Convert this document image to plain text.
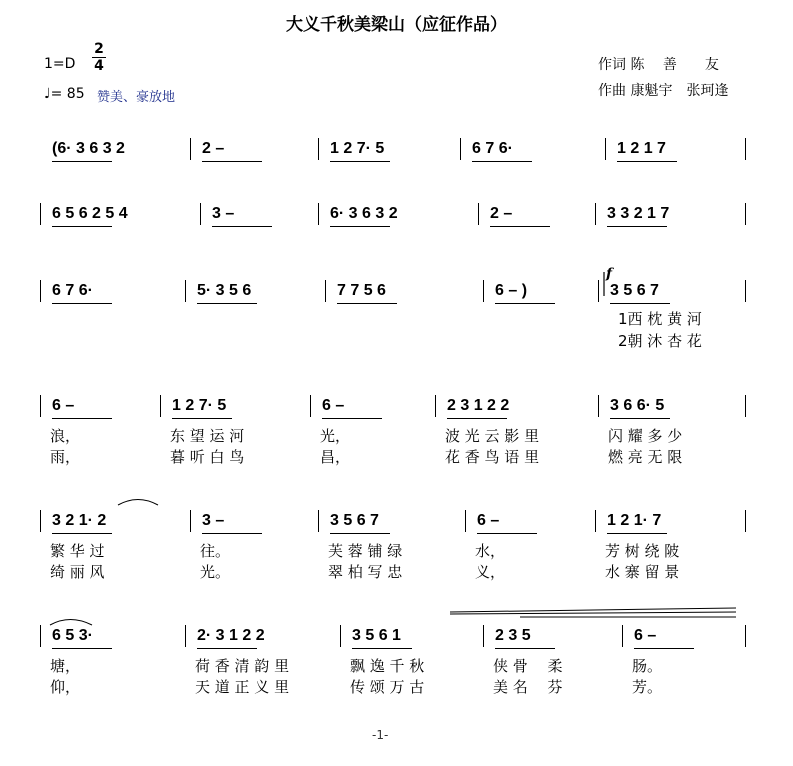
大义千秋美梁山（应征作品）
1=D
2
4
♩= 85 赞美、豪放地
作词 陈　 善　　友
作曲 康魁宇　张珂逢
(6· 3 6 3 2	2 –	1 2 7· 5	6 7 6·	1 2 1 7
6 5 6 2 5 4	3 –	6· 3 6 3 2	2 –	3 3 2 1 7
6 7 6·	5· 3 5 6	7 7 5 6	6 – )	3 5 6 7
6 –	1 2 7· 5	6 –	2 3 1 2 2	3 6 6· 5
3 2 1· 2	3 –	3 5 6 7	6 –	1 2 1· 7
6 5 3·	2· 3 1 2 2	3 5 6 1	2 3 5	6 –
f
1西 枕 黄 河
2朝 沐 杏 花
浪，	东 望 运 河	光，	波 光 云 影 里	闪 耀 多 少
雨，	暮 听 白 鸟	昌，	花 香 鸟 语 里	燃 亮 无 限
繁 华 过	往。	芙 蓉 铺 绿	水，	芳 树 绕 陂
绮 丽 风	光。	翠 柏 写 忠	义，	水 寨 留 景
塘，	荷 香 清 韵 里	飘 逸 千 秋	侠 骨　 柔	肠。
仰，	天 道 正 义 里	传 颂 万 古	美 名　 芬	芳。
-1-
